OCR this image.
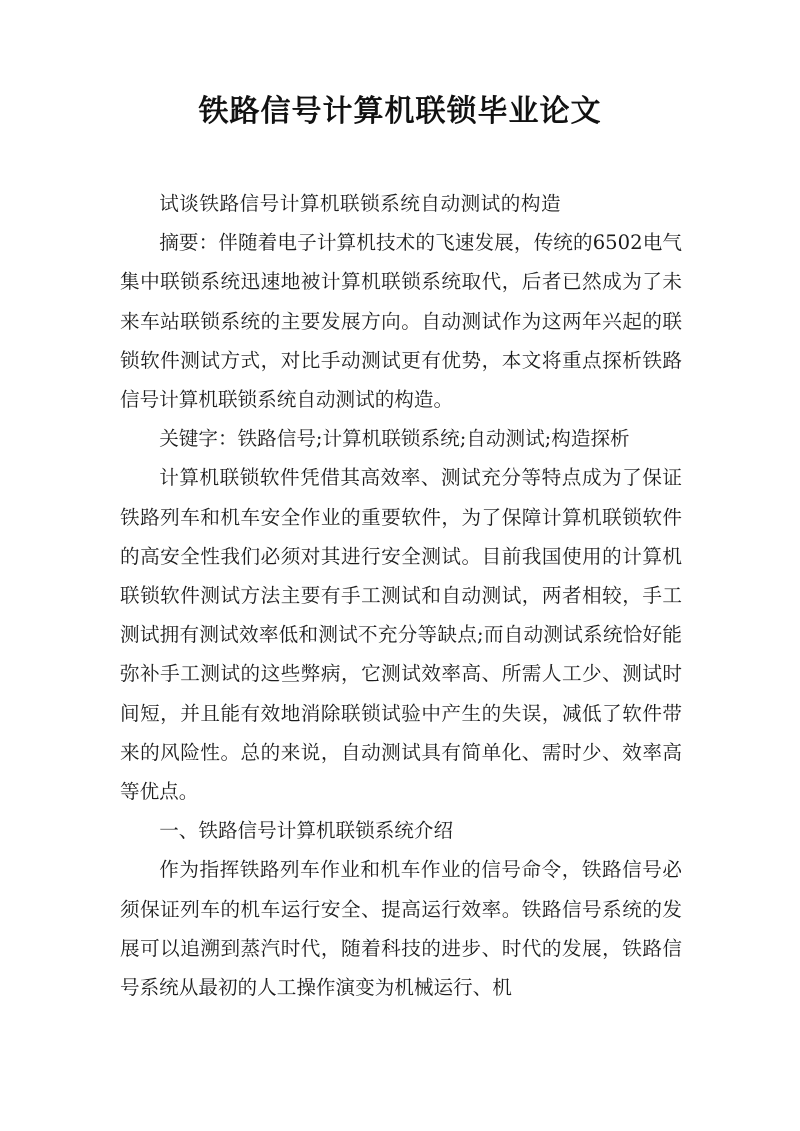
铁路信号计算机联锁毕业论文

试谈铁路信号计算机联锁系统自动测试的构造

摘要：伴随着电子计算机技术的飞速发展，传统的6502电气集中联锁系统迅速地被计算机联锁系统取代，后者已然成为了未来车站联锁系统的主要发展方向。自动测试作为这两年兴起的联锁软件测试方式，对比手动测试更有优势，本文将重点探析铁路信号计算机联锁系统自动测试的构造。

关键字：铁路信号;计算机联锁系统;自动测试;构造探析

计算机联锁软件凭借其高效率、测试充分等特点成为了保证铁路列车和机车安全作业的重要软件，为了保障计算机联锁软件的高安全性我们必须对其进行安全测试。目前我国使用的计算机联锁软件测试方法主要有手工测试和自动测试，两者相较，手工测试拥有测试效率低和测试不充分等缺点;而自动测试系统恰好能弥补手工测试的这些弊病，它测试效率高、所需人工少、测试时间短，并且能有效地消除联锁试验中产生的失误，减低了软件带来的风险性。总的来说，自动测试具有简单化、需时少、效率高等优点。

一、铁路信号计算机联锁系统介绍

作为指挥铁路列车作业和机车作业的信号命令，铁路信号必须保证列车的机车运行安全、提高运行效率。铁路信号系统的发展可以追溯到蒸汽时代，随着科技的进步、时代的发展，铁路信号系统从最初的人工操作演变为机械运行、机
